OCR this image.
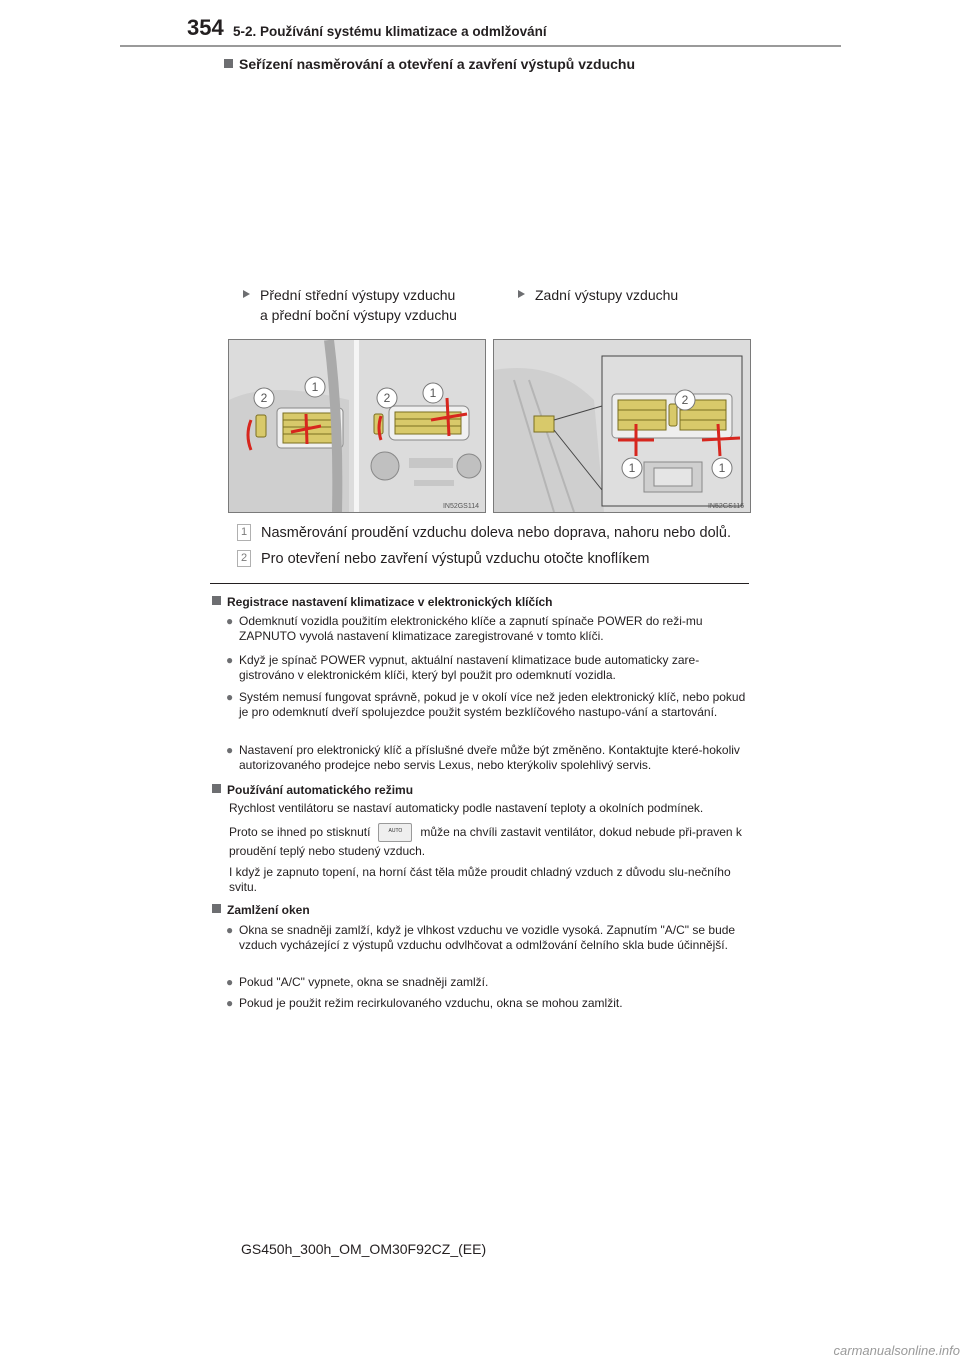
354 5-2. Používání systému klimatizace a odmlžování
Seřízení nasměrování a otevření a zavření výstupů vzduchu
Přední střední výstupy vzduchu
a přední boční výstupy vzduchu
Zadní výstupy vzduchu
2
1
2	1
IN52GS114
2
1	1
IN52GS116
1 Nasměrování proudění vzduchu doleva nebo doprava, nahoru nebo dolů.
2 Pro otevření nebo zavření výstupů vzduchu otočte knoflíkem
Registrace nastavení klimatizace v elektronických klíčích
● Odemknutí vozidla použitím elektronického klíče a zapnutí spínače POWER do reži-mu ZAPNUTO vyvolá nastavení klimatizace zaregistrované v tomto klíči.
● Když je spínač POWER vypnut, aktuální nastavení klimatizace bude automaticky zare-gistrováno v elektronickém klíči, který byl použit pro odemknutí vozidla.
● Systém nemusí fungovat správně, pokud je v okolí více než jeden elektronický klíč, nebo pokud je pro odemknutí dveří spolujezdce použit systém bezklíčového nastupo-vání a startování.
● Nastavení pro elektronický klíč a příslušné dveře může být změněno. Kontaktujte které-hokoliv autorizovaného prodejce nebo servis Lexus, nebo kterýkoliv spolehlivý servis.
Používání automatického režimu
Rychlost ventilátoru se nastaví automaticky podle nastavení teploty a okolních podmínek.
Proto se ihned po stisknutí	AUTO	může na chvíli zastavit ventilátor, dokud nebude při-praven k proudění teplý nebo studený vzduch.
I když je zapnuto topení, na horní část těla může proudit chladný vzduch z důvodu slu-nečního svitu.
Zamlžení oken
● Okna se snadněji zamlží, když je vlhkost vzduchu ve vozidle vysoká. Zapnutím "A/C" se bude vzduch vycházející z výstupů vzduchu odvlhčovat a odmlžování čelního skla bude účinnější.
● Pokud "A/C" vypnete, okna se snadněji zamlží.
● Pokud je použit režim recirkulovaného vzduchu, okna se mohou zamlžit.
GS450h_300h_OM_OM30F92CZ_(EE)
carmanualsonline.info
